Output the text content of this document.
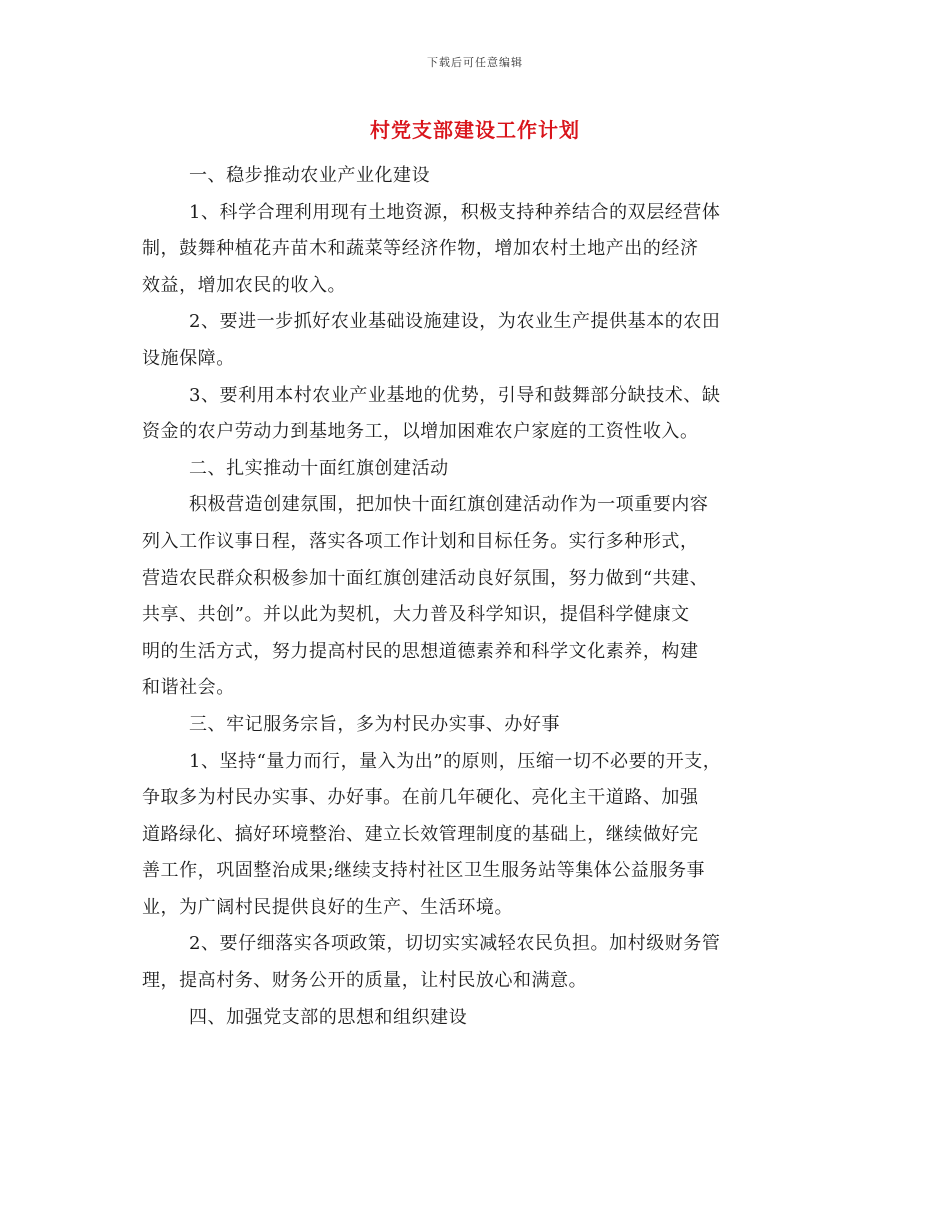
下载后可任意编辑
村党支部建设工作计划
一、稳步推动农业产业化建设
1、科学合理利用现有土地资源，积极支持种养结合的双层经营体
制，鼓舞种植花卉苗木和蔬菜等经济作物，增加农村土地产出的经济
效益，增加农民的收入。
2、要进一步抓好农业基础设施建设，为农业生产提供基本的农田
设施保障。
3、要利用本村农业产业基地的优势，引导和鼓舞部分缺技术、缺
资金的农户劳动力到基地务工，以增加困难农户家庭的工资性收入。
二、扎实推动十面红旗创建活动
积极营造创建氛围，把加快十面红旗创建活动作为一项重要内容
列入工作议事日程，落实各项工作计划和目标任务。实行多种形式，
营造农民群众积极参加十面红旗创建活动良好氛围，努力做到“共建、
共享、共创”。并以此为契机，大力普及科学知识，提倡科学健康文
明的生活方式，努力提高村民的思想道德素养和科学文化素养，构建
和谐社会。
三、牢记服务宗旨，多为村民办实事、办好事
1、坚持“量力而行，量入为出”的原则，压缩一切不必要的开支，
争取多为村民办实事、办好事。在前几年硬化、亮化主干道路、加强
道路绿化、搞好环境整治、建立长效管理制度的基础上，继续做好完
善工作，巩固整治成果;继续支持村社区卫生服务站等集体公益服务事
业，为广阔村民提供良好的生产、生活环境。
2、要仔细落实各项政策，切切实实减轻农民负担。加村级财务管
理，提高村务、财务公开的质量，让村民放心和满意。
四、加强党支部的思想和组织建设
